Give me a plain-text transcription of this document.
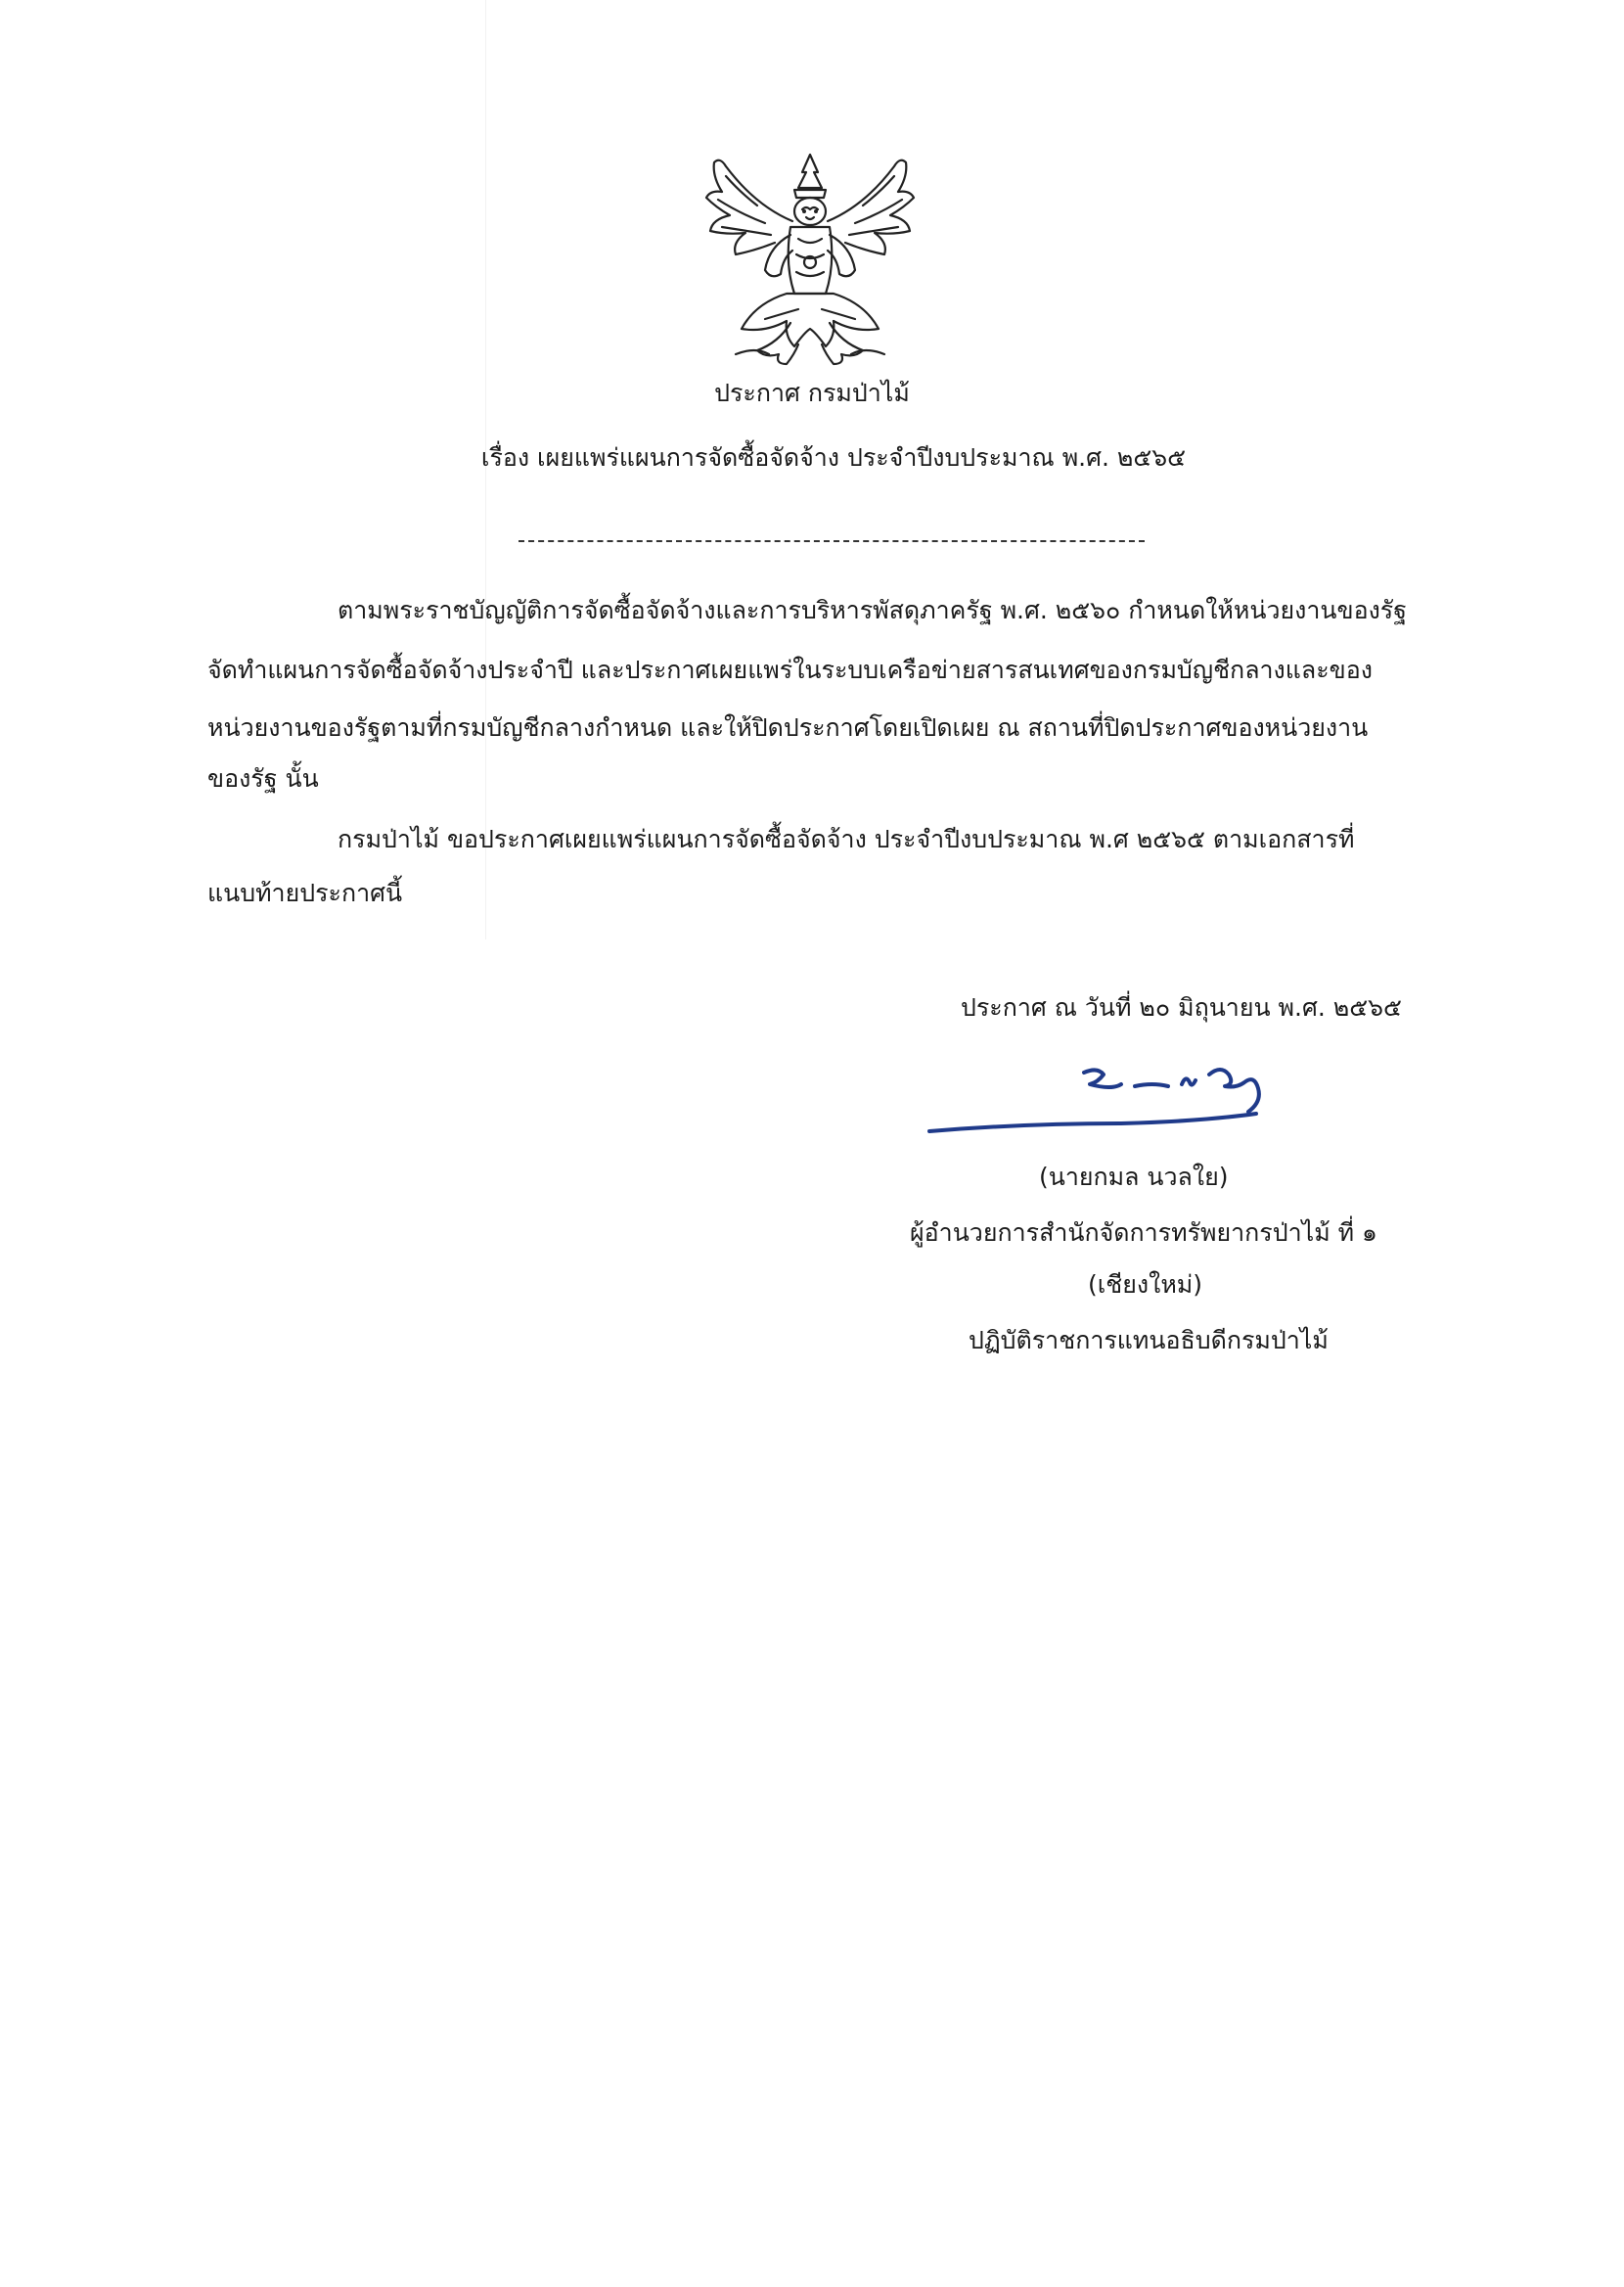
ประกาศ กรมป่าไม้
เรื่อง เผยแพร่แผนการจัดซื้อจัดจ้าง ประจำปีงบประมาณ พ.ศ. ๒๕๖๕
ตามพระราชบัญญัติการจัดซื้อจัดจ้างและการบริหารพัสดุภาครัฐ พ.ศ. ๒๕๖๐ กำหนดให้หน่วยงานของรัฐ
จัดทำแผนการจัดซื้อจัดจ้างประจำปี และประกาศเผยแพร่ในระบบเครือข่ายสารสนเทศของกรมบัญชีกลางและของ
หน่วยงานของรัฐตามที่กรมบัญชีกลางกำหนด และให้ปิดประกาศโดยเปิดเผย ณ สถานที่ปิดประกาศของหน่วยงาน
ของรัฐ นั้น
กรมป่าไม้ ขอประกาศเผยแพร่แผนการจัดซื้อจัดจ้าง ประจำปีงบประมาณ พ.ศ ๒๕๖๕ ตามเอกสารที่
แนบท้ายประกาศนี้
ประกาศ ณ วันที่ ๒๐ มิถุนายน พ.ศ. ๒๕๖๕
(นายกมล นวลใย)
ผู้อำนวยการสำนักจัดการทรัพยากรป่าไม้ ที่ ๑
(เชียงใหม่)
ปฏิบัติราชการแทนอธิบดีกรมป่าไม้
